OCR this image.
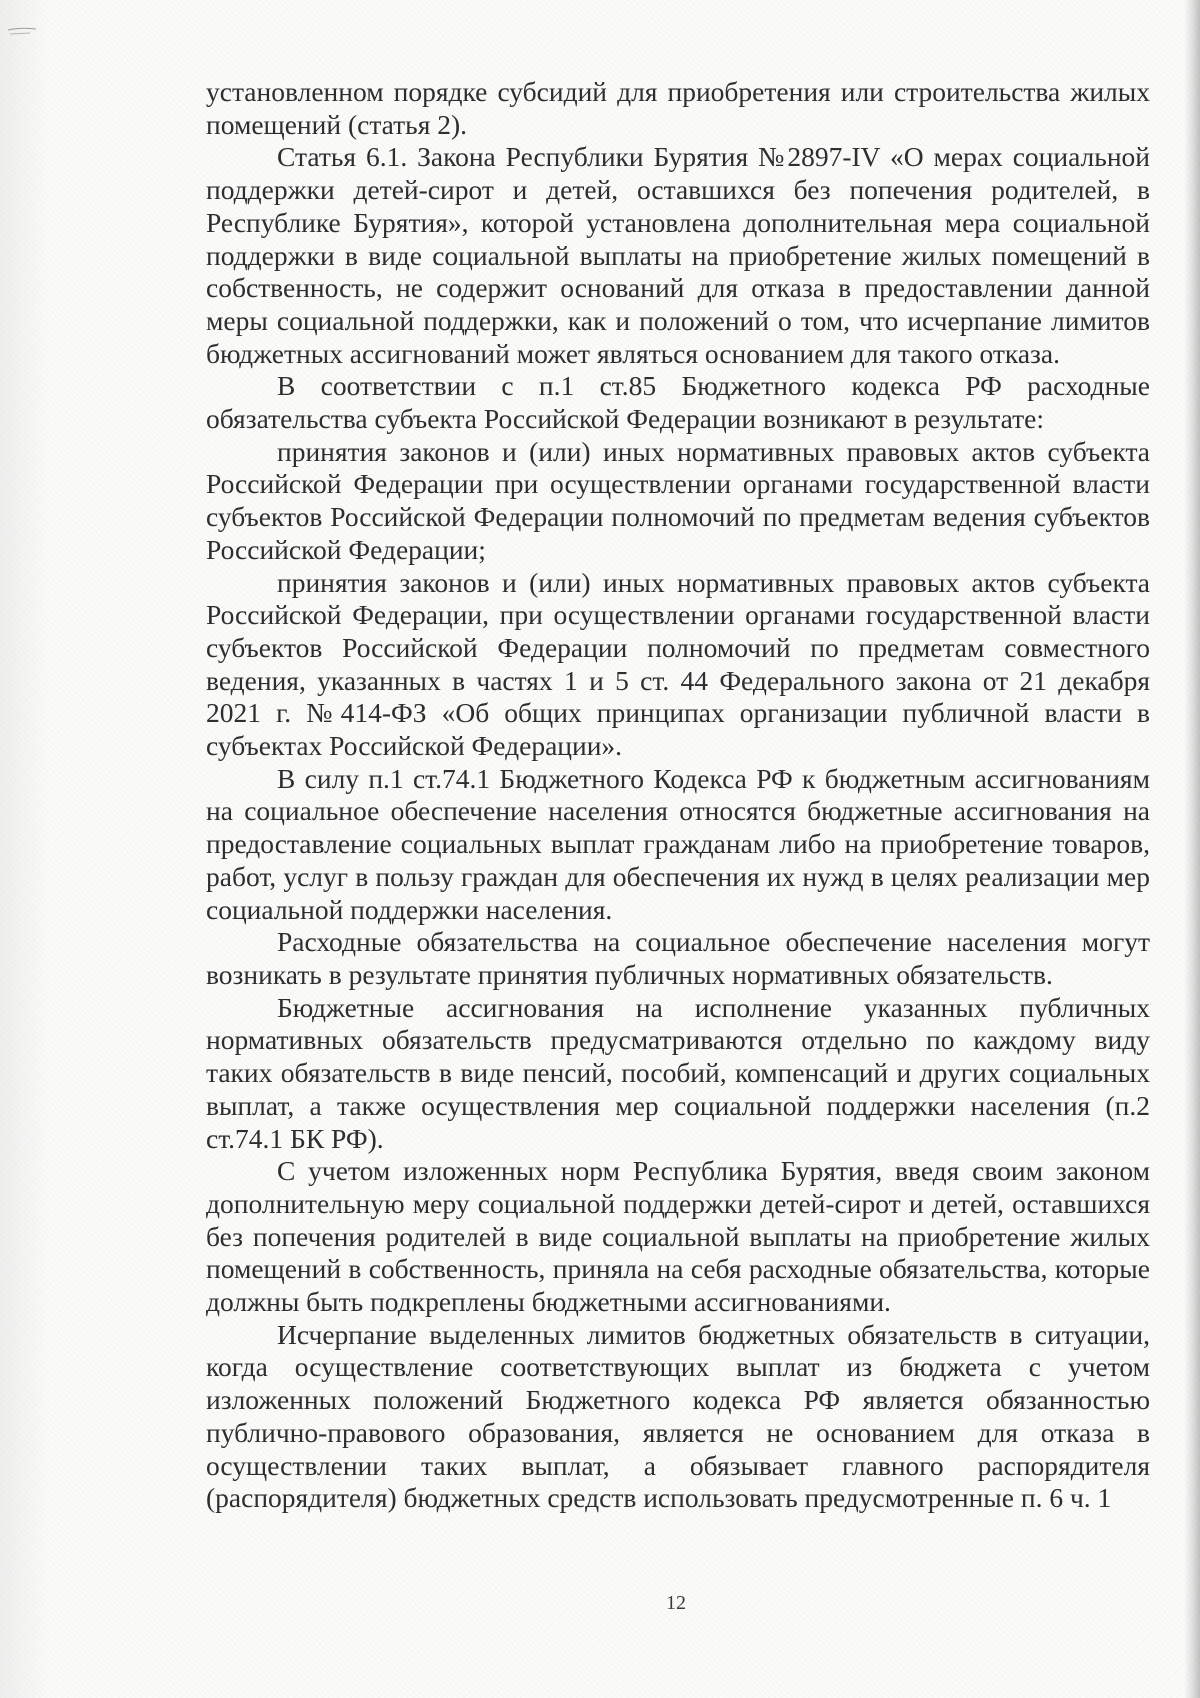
установленном порядке субсидий для приобретения или строительства жилых помещений (статья 2).

Статья 6.1. Закона Республики Бурятия №2897-IV «О мерах социальной поддержки детей-сирот и детей, оставшихся без попечения родителей, в Республике Бурятия», которой установлена дополнительная мера социальной поддержки в виде социальной выплаты на приобретение жилых помещений в собственность, не содержит оснований для отказа в предоставлении данной меры социальной поддержки, как и положений о том, что исчерпание лимитов бюджетных ассигнований может являться основанием для такого отказа.

В соответствии с п.1 ст.85 Бюджетного кодекса РФ расходные обязательства субъекта Российской Федерации возникают в результате:

принятия законов и (или) иных нормативных правовых актов субъекта Российской Федерации при осуществлении органами государственной власти субъектов Российской Федерации полномочий по предметам ведения субъектов Российской Федерации;

принятия законов и (или) иных нормативных правовых актов субъекта Российской Федерации, при осуществлении органами государственной власти субъектов Российской Федерации полномочий по предметам совместного ведения, указанных в частях 1 и 5 ст. 44 Федерального закона от 21 декабря 2021 г. №414-ФЗ «Об общих принципах организации публичной власти в субъектах Российской Федерации».

В силу п.1 ст.74.1 Бюджетного Кодекса РФ к бюджетным ассигнованиям на социальное обеспечение населения относятся бюджетные ассигнования на предоставление социальных выплат гражданам либо на приобретение товаров, работ, услуг в пользу граждан для обеспечения их нужд в целях реализации мер социальной поддержки населения.

Расходные обязательства на социальное обеспечение населения могут возникать в результате принятия публичных нормативных обязательств.

Бюджетные ассигнования на исполнение указанных публичных нормативных обязательств предусматриваются отдельно по каждому виду таких обязательств в виде пенсий, пособий, компенсаций и других социальных выплат, а также осуществления мер социальной поддержки населения (п.2 ст.74.1 БК РФ).

С учетом изложенных норм Республика Бурятия, введя своим законом дополнительную меру социальной поддержки детей-сирот и детей, оставшихся без попечения родителей в виде социальной выплаты на приобретение жилых помещений в собственность, приняла на себя расходные обязательства, которые должны быть подкреплены бюджетными ассигнованиями.

Исчерпание выделенных лимитов бюджетных обязательств в ситуации, когда осуществление соответствующих выплат из бюджета с учетом изложенных положений Бюджетного кодекса РФ является обязанностью публично-правового образования, является не основанием для отказа в осуществлении таких выплат, а обязывает главного распорядителя (распорядителя) бюджетных средств использовать предусмотренные п. 6 ч. 1

12
